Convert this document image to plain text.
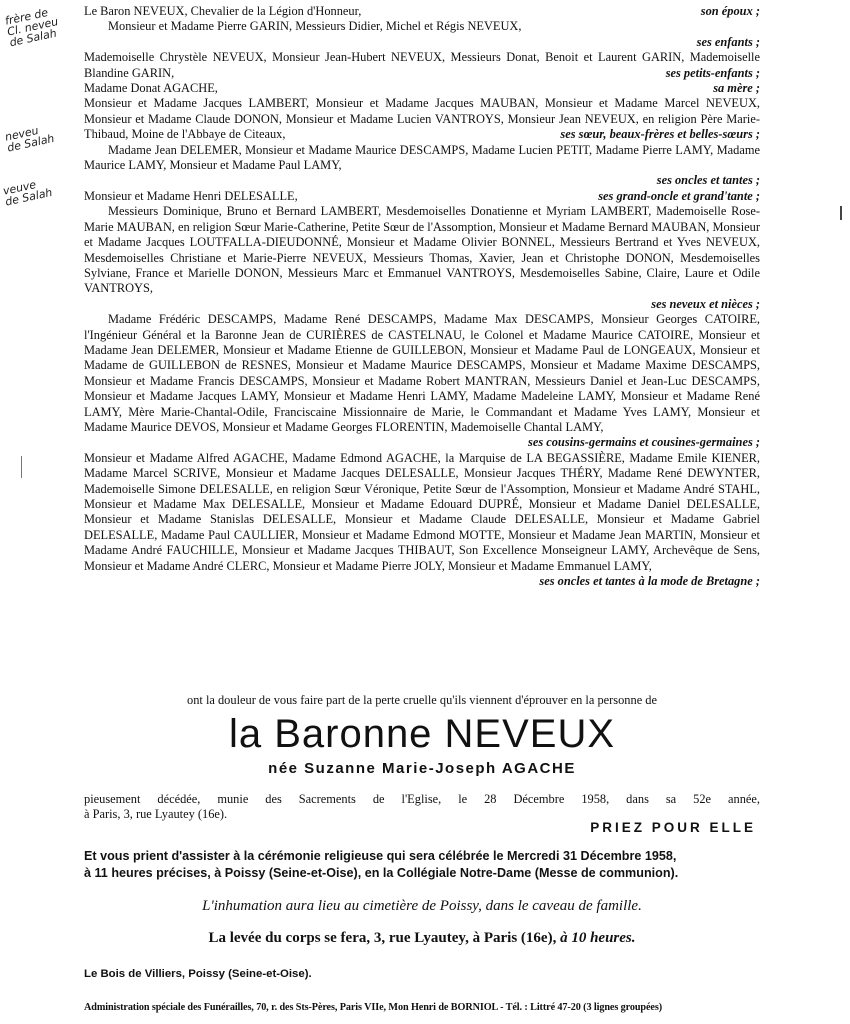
frère de
Cl. neveu
de Salah
neveu
de Salah
veuve
de Salah

Le Baron NEVEUX, Chevalier de la Légion d'Honneur,	son époux ;

Monsieur et Madame Pierre GARIN, Messieurs Didier, Michel et Régis NEVEUX,
ses enfants ;

Mademoiselle Chrystèle NEVEUX, Monsieur Jean-Hubert NEVEUX, Messieurs Donat, Benoit et Laurent GARIN, Mademoiselle Blandine GARIN,	ses petits-enfants ;

Madame Donat AGACHE,	sa mère ;

Monsieur et Madame Jacques LAMBERT, Monsieur et Madame Jacques MAUBAN, Monsieur et Madame Marcel NEVEUX, Monsieur et Madame Claude DONON, Monsieur et Madame Lucien VANTROYS, Monsieur Jean NEVEUX, en religion Père Marie-Thibaud, Moine de l'Abbaye de Citeaux,	ses sœur, beaux-frères et belles-sœurs ;

Madame Jean DELEMER, Monsieur et Madame Maurice DESCAMPS, Madame Lucien PETIT, Madame Pierre LAMY, Madame Maurice LAMY, Monsieur et Madame Paul LAMY,
ses oncles et tantes ;

Monsieur et Madame Henri DELESALLE,	ses grand-oncle et grand'tante ;

Messieurs Dominique, Bruno et Bernard LAMBERT, Mesdemoiselles Donatienne et Myriam LAMBERT, Mademoiselle Rose-Marie MAUBAN, en religion Sœur Marie-Catherine, Petite Sœur de l'Assomption, Monsieur et Madame Bernard MAUBAN, Monsieur et Madame Jacques LOUTFALLA-DIEUDONNÉ, Monsieur et Madame Olivier BONNEL, Messieurs Bertrand et Yves NEVEUX, Mesdemoiselles Christiane et Marie-Pierre NEVEUX, Messieurs Thomas, Xavier, Jean et Christophe DONON, Mesdemoiselles Sylviane, France et Marielle DONON, Messieurs Marc et Emmanuel VANTROYS, Mesdemoiselles Sabine, Claire, Laure et Odile VANTROYS,
ses neveux et nièces ;

Madame Frédéric DESCAMPS, Madame René DESCAMPS, Madame Max DESCAMPS, Monsieur Georges CATOIRE, l'Ingénieur Général et la Baronne Jean de CURIÈRES de CASTELNAU, le Colonel et Madame Maurice CATOIRE, Monsieur et Madame Jean DELEMER, Monsieur et Madame Etienne de GUILLEBON, Monsieur et Madame Paul de LONGEAUX, Monsieur et Madame de GUILLEBON de RESNES, Monsieur et Madame Maurice DESCAMPS, Monsieur et Madame Maxime DESCAMPS, Monsieur et Madame Francis DESCAMPS, Monsieur et Madame Robert MANTRAN, Messieurs Daniel et Jean-Luc DESCAMPS, Monsieur et Madame Jacques LAMY, Monsieur et Madame Henri LAMY, Madame Madeleine LAMY, Monsieur et Madame René LAMY, Mère Marie-Chantal-Odile, Franciscaine Missionnaire de Marie, le Commandant et Madame Yves LAMY, Monsieur et Madame Maurice DEVOS, Monsieur et Madame Georges FLORENTIN, Mademoiselle Chantal LAMY,
ses cousins-germains et cousines-germaines ;

Monsieur et Madame Alfred AGACHE, Madame Edmond AGACHE, la Marquise de LA BEGASSIÈRE, Madame Emile KIENER, Madame Marcel SCRIVE, Monsieur et Madame Jacques DELESALLE, Monsieur Jacques THÉRY, Madame René DEWYNTER, Mademoiselle Simone DELESALLE, en religion Sœur Véronique, Petite Sœur de l'Assomption, Monsieur et Madame André STAHL, Monsieur et Madame Max DELESALLE, Monsieur et Madame Edouard DUPRÉ, Monsieur et Madame Daniel DELESALLE, Monsieur et Madame Stanislas DELESALLE, Monsieur et Madame Claude DELESALLE, Monsieur et Madame Gabriel DELESALLE, Madame Paul CAULLIER, Monsieur et Madame Edmond MOTTE, Monsieur et Madame Jean MARTIN, Monsieur et Madame André FAUCHILLE, Monsieur et Madame Jacques THIBAUT, Son Excellence Monseigneur LAMY, Archevêque de Sens, Monsieur et Madame André CLERC, Monsieur et Madame Pierre JOLY, Monsieur et Madame Emmanuel LAMY,
ses oncles et tantes à la mode de Bretagne ;

ont la douleur de vous faire part de la perte cruelle qu'ils viennent d'éprouver en la personne de
la Baronne NEVEUX
née Suzanne Marie-Joseph AGACHE
pieusement décédée, munie des Sacrements de l'Eglise, le 28 Décembre 1958, dans sa 52e année,
à Paris, 3, rue Lyautey (16e).
PRIEZ POUR ELLE
Et vous prient d'assister à la cérémonie religieuse qui sera célébrée le Mercredi 31 Décembre 1958,
à 11 heures précises, à Poissy (Seine-et-Oise), en la Collégiale Notre-Dame (Messe de communion).
L'inhumation aura lieu au cimetière de Poissy, dans le caveau de famille.
La levée du corps se fera, 3, rue Lyautey, à Paris (16e), à 10 heures.
Le Bois de Villiers, Poissy (Seine-et-Oise).
Administration spéciale des Funérailles, 70, r. des Sts-Pères, Paris VIIe, Mon Henri de BORNIOL - Tél. : Littré 47-20 (3 lignes groupées)
